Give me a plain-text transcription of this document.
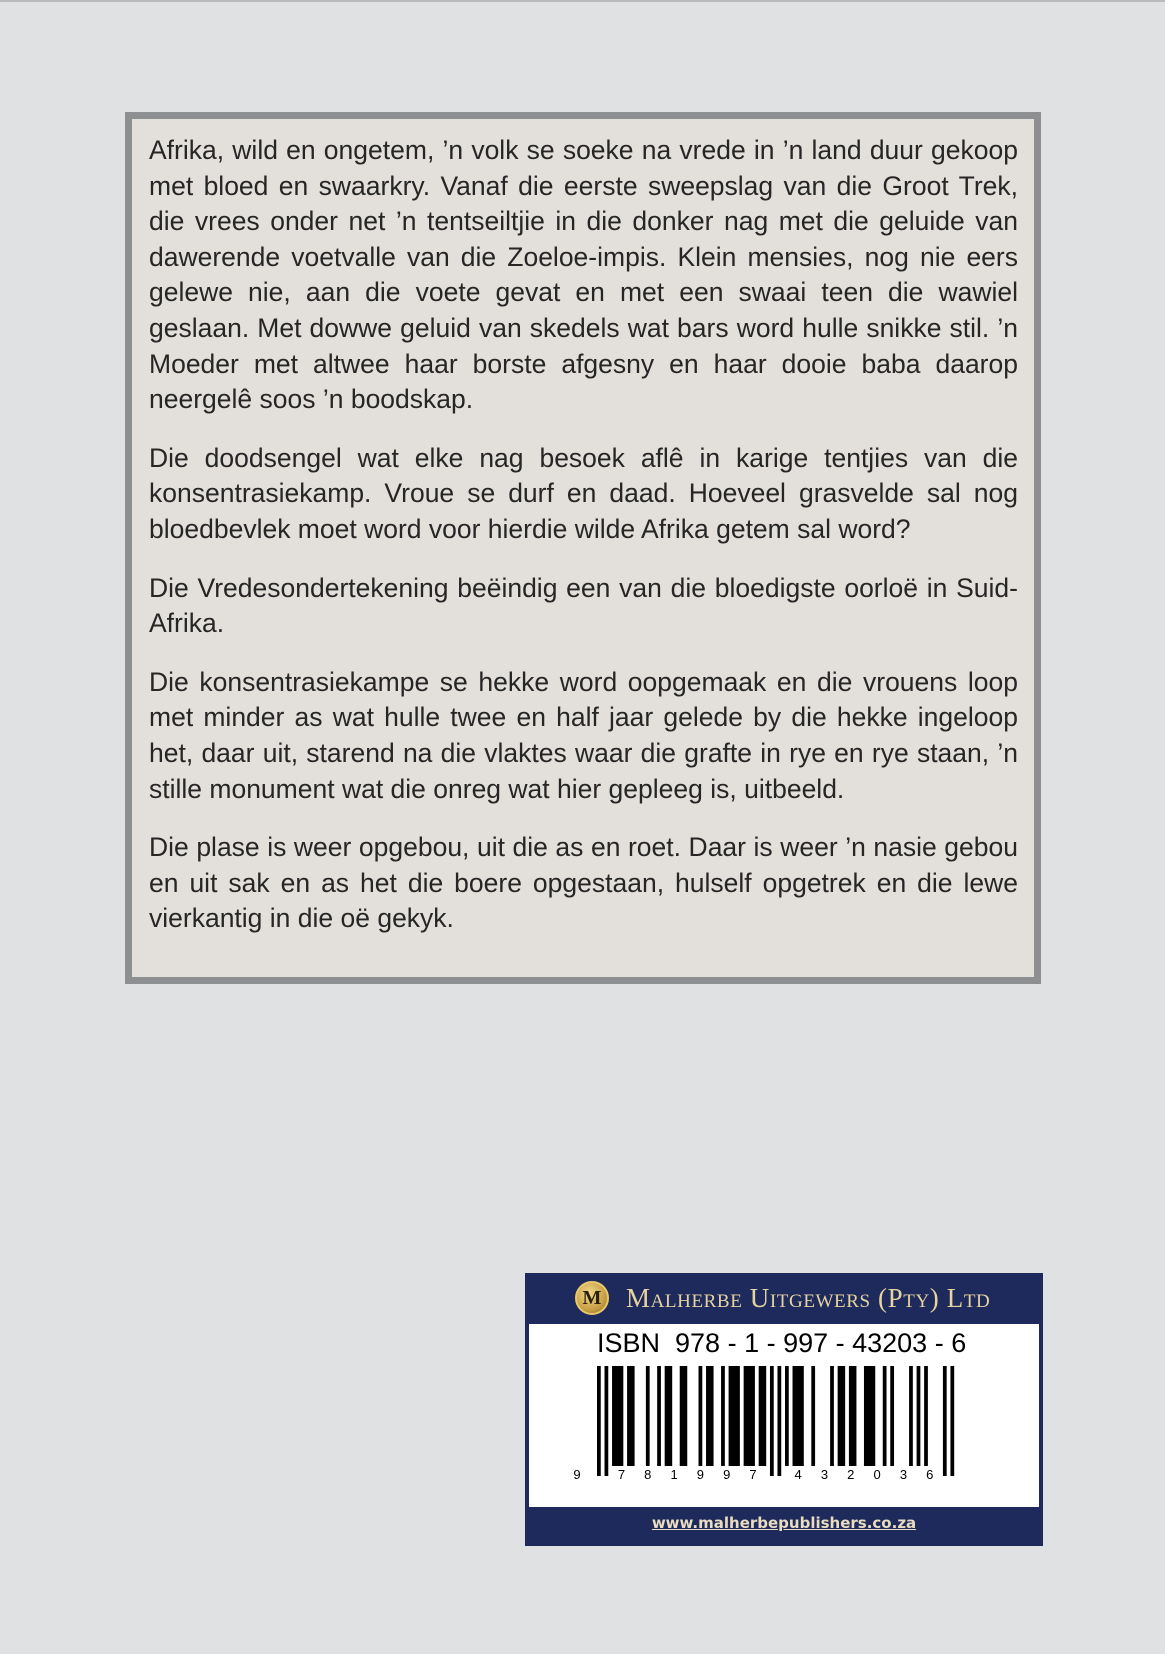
Afrika, wild en ongetem, ’n volk se soeke na vrede in ’n land duur gekoop met bloed en swaarkry. Vanaf die eerste sweepslag van die Groot Trek, die vrees onder net ’n tentseiltjie in die donker nag met die geluide van dawerende voetvalle van die Zoeloe-impis. Klein mensies, nog nie eers gelewe nie, aan die voete gevat en met een swaai teen die wawiel geslaan. Met dowwe geluid van skedels wat bars word hulle snikke stil. ’n Moeder met altwee haar borste afgesny en haar dooie baba daarop neergelê soos ’n boodskap.

Die doodsengel wat elke nag besoek aflê in karige tentjies van die konsentrasiekamp. Vroue se durf en daad. Hoeveel grasvelde sal nog bloedbevlek moet word voor hierdie wilde Afrika getem sal word?

Die Vredesondertekening beëindig een van die bloedigste oorloë in Suid-Afrika.

Die konsentrasiekampe se hekke word oopgemaak en die vrouens loop met minder as wat hulle twee en half jaar gelede by die hekke ingeloop het, daar uit, starend na die vlaktes waar die grafte in rye en rye staan, ’n stille monument wat die onreg wat hier gepleeg is, uitbeeld.

Die plase is weer opgebou, uit die as en roet. Daar is weer ’n nasie gebou en uit sak en as het die boere opgestaan, hulself opgetrek en die lewe vierkantig in die oë gekyk.

M Malherbe Uitgewers (Pty) Ltd
ISBN  978 - 1 - 997 - 43203 - 6
9	7 8 1 9 9 7	4 3 2 0 3 6
www.malherbepublishers.co.za
